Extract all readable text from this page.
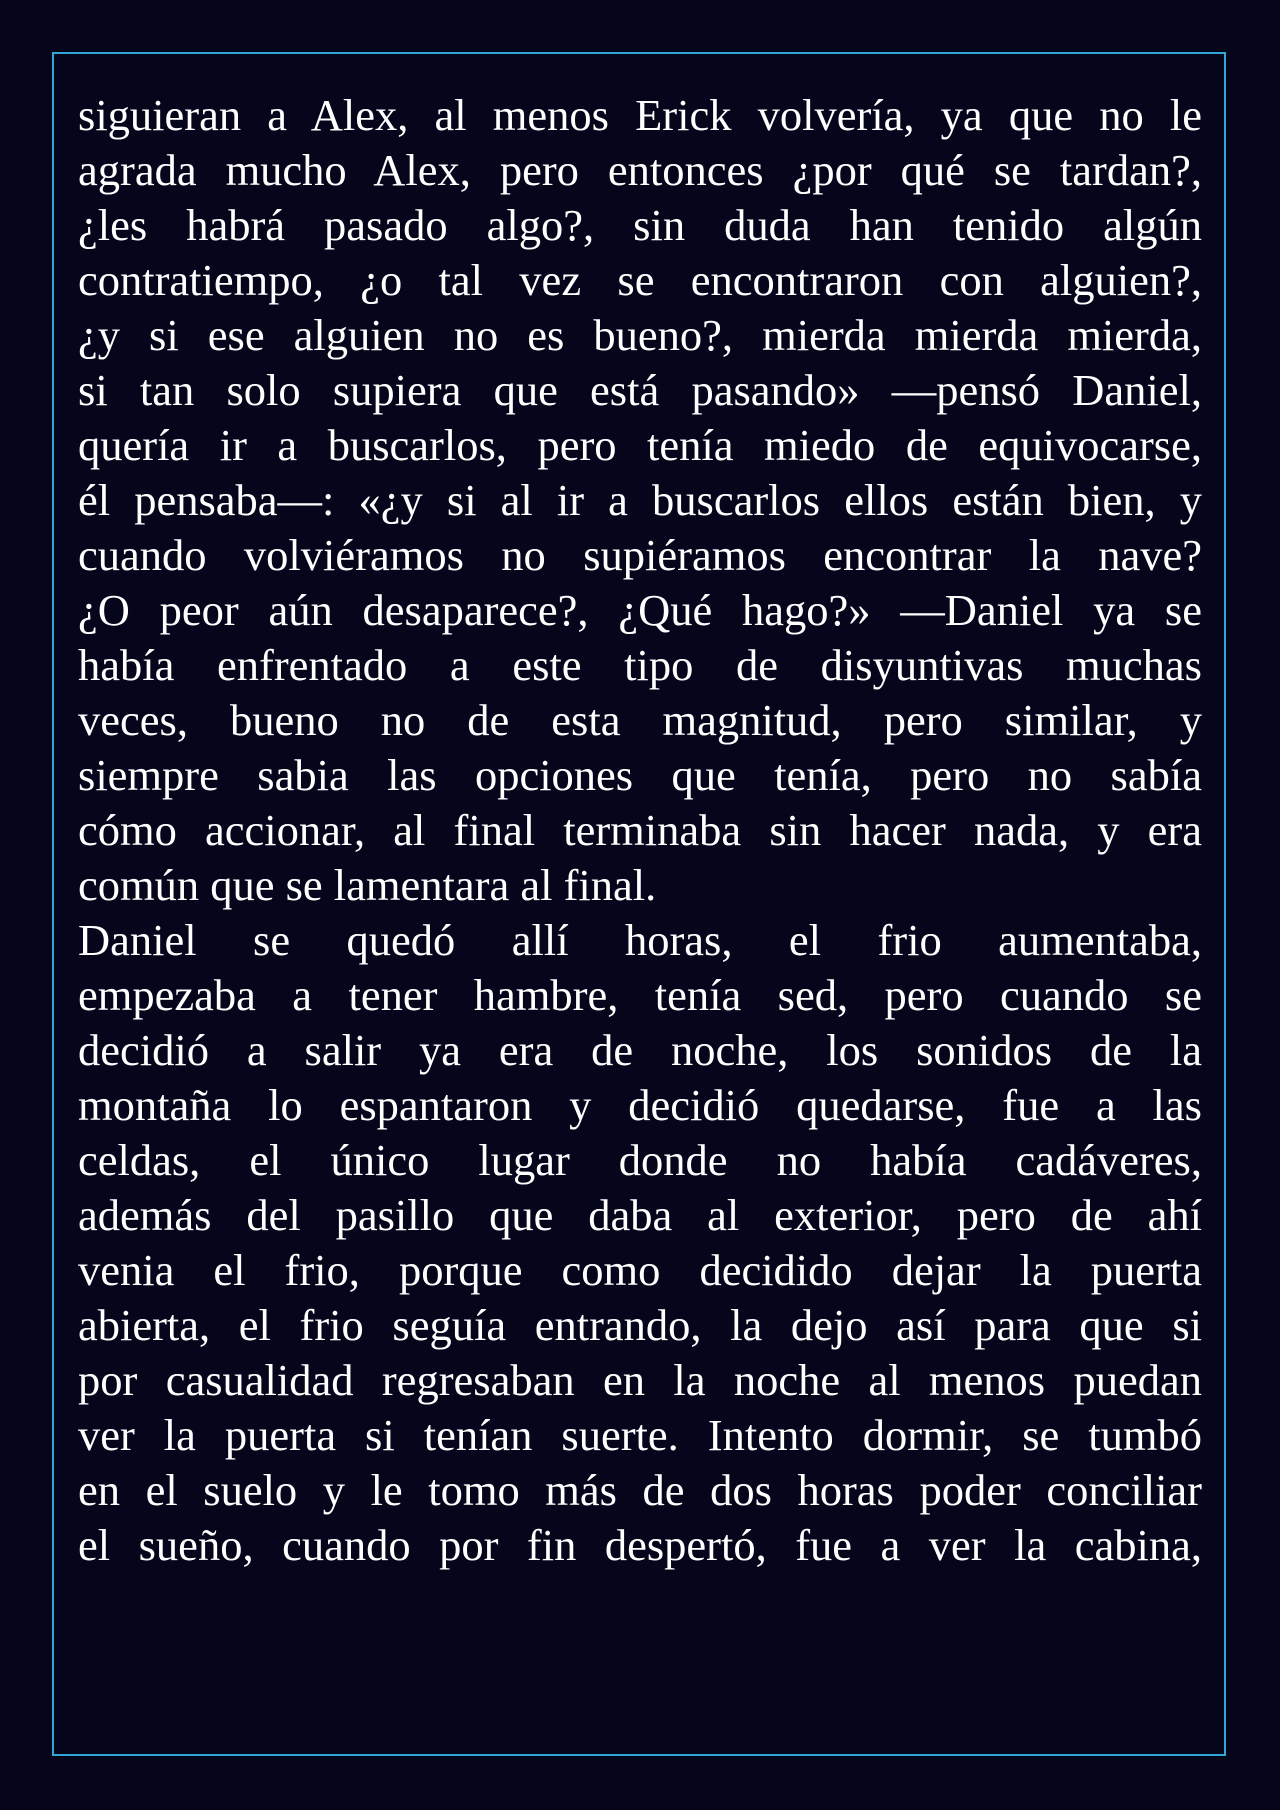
siguieran a Alex, al menos Erick volvería, ya que no le
agrada mucho Alex, pero entonces ¿por qué se tardan?,
¿les habrá pasado algo?, sin duda han tenido algún
contratiempo, ¿o tal vez se encontraron con alguien?,
¿y si ese alguien no es bueno?, mierda mierda mierda,
si tan solo supiera que está pasando» —pensó Daniel,
quería ir a buscarlos, pero tenía miedo de equivocarse,
él pensaba—: «¿y si al ir a buscarlos ellos están bien, y
cuando volviéramos no supiéramos encontrar la nave?
¿O peor aún desaparece?, ¿Qué hago?» —Daniel ya se
había enfrentado a este tipo de disyuntivas muchas
veces, bueno no de esta magnitud, pero similar, y
siempre sabia las opciones que tenía, pero no sabía
cómo accionar, al final terminaba sin hacer nada, y era
común que se lamentara al final.
Daniel se quedó allí horas, el frio aumentaba,
empezaba a tener hambre, tenía sed, pero cuando se
decidió a salir ya era de noche, los sonidos de la
montaña lo espantaron y decidió quedarse, fue a las
celdas, el único lugar donde no había cadáveres,
además del pasillo que daba al exterior, pero de ahí
venia el frio, porque como decidido dejar la puerta
abierta, el frio seguía entrando, la dejo así para que si
por casualidad regresaban en la noche al menos puedan
ver la puerta si tenían suerte. Intento dormir, se tumbó
en el suelo y le tomo más de dos horas poder conciliar
el sueño, cuando por fin despertó, fue a ver la cabina,
